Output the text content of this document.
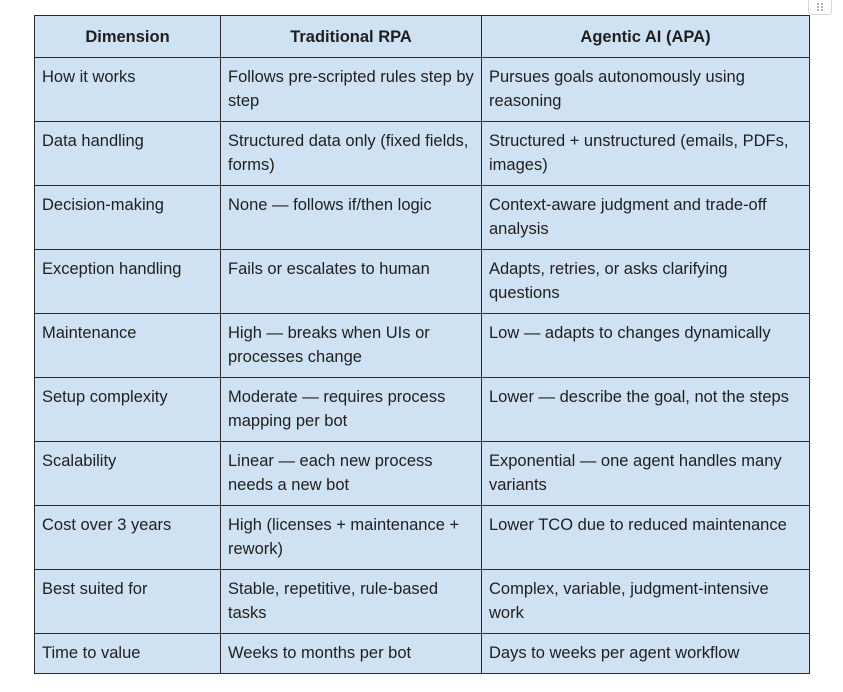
Dimension	Traditional RPA	Agentic AI (APA)
How it works	Follows pre-scripted rules step by step	Pursues goals autonomously using reasoning
Data handling	Structured data only (fixed fields, forms)	Structured + unstructured (emails, PDFs, images)
Decision-making	None — follows if/then logic	Context-aware judgment and trade-off analysis
Exception handling	Fails or escalates to human	Adapts, retries, or asks clarifying questions
Maintenance	High — breaks when UIs or processes change	Low — adapts to changes dynamically
Setup complexity	Moderate — requires process mapping per bot	Lower — describe the goal, not the steps
Scalability	Linear — each new process needs a new bot	Exponential — one agent handles many variants
Cost over 3 years	High (licenses + maintenance + rework)	Lower TCO due to reduced maintenance
Best suited for	Stable, repetitive, rule-based tasks	Complex, variable, judgment-intensive work
Time to value	Weeks to months per bot	Days to weeks per agent workflow
